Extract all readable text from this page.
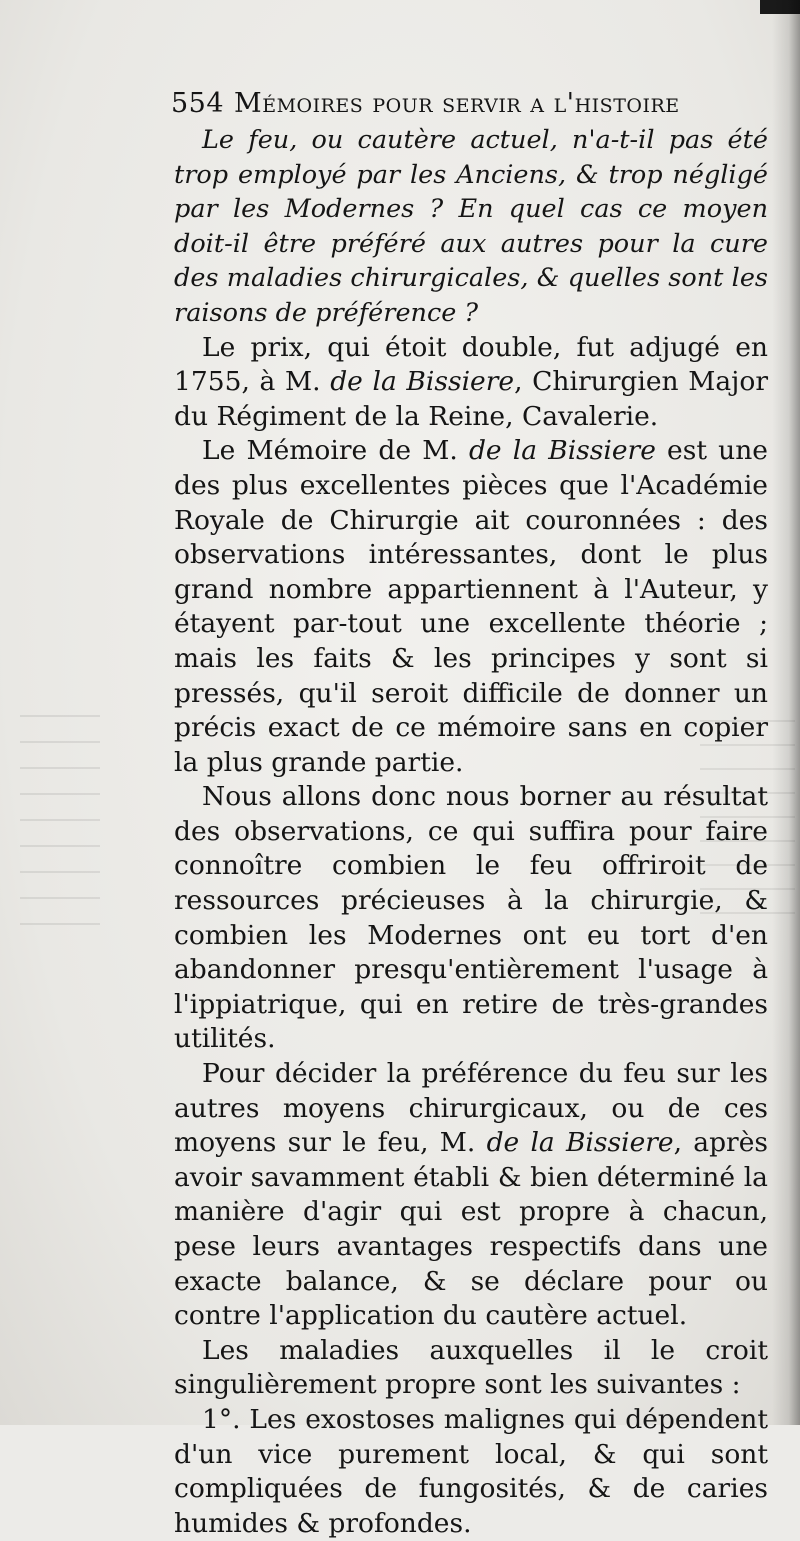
554 Mémoires pour servir a l'histoire

Le feu, ou cautère actuel, n'a-t-il pas été trop employé par les Anciens, & trop négligé par les Modernes ? En quel cas ce moyen doit-il être préféré aux autres pour la cure des maladies chirurgicales, & quelles sont les raisons de préférence ?

Le prix, qui étoit double, fut adjugé en 1755, à M. de la Bissiere, Chirurgien Major du Régiment de la Reine, Cavalerie.

Le Mémoire de M. de la Bissiere est une des plus excellentes pièces que l'Académie Royale de Chirurgie ait couronnées : des observations intéressantes, dont le plus grand nombre appartiennent à l'Auteur, y étayent par-tout une excellente théorie ; mais les faits & les principes y sont si pressés, qu'il seroit difficile de donner un précis exact de ce mémoire sans en copier la plus grande partie.

Nous allons donc nous borner au résultat des observations, ce qui suffira pour faire connoître combien le feu offriroit de ressources précieuses à la chirurgie, & combien les Modernes ont eu tort d'en abandonner presqu'entièrement l'usage à l'ippiatrique, qui en retire de très-grandes utilités.

Pour décider la préférence du feu sur les autres moyens chirurgicaux, ou de ces moyens sur le feu, M. de la Bissiere, après avoir savamment établi & bien déterminé la manière d'agir qui est propre à chacun, pese leurs avantages respectifs dans une exacte balance, & se déclare pour ou contre l'application du cautère actuel.

Les maladies auxquelles il le croit singulièrement propre sont les suivantes :

1°. Les exostoses malignes qui dépendent d'un vice purement local, & qui sont compliquées de fungosités, & de caries humides & profondes.
